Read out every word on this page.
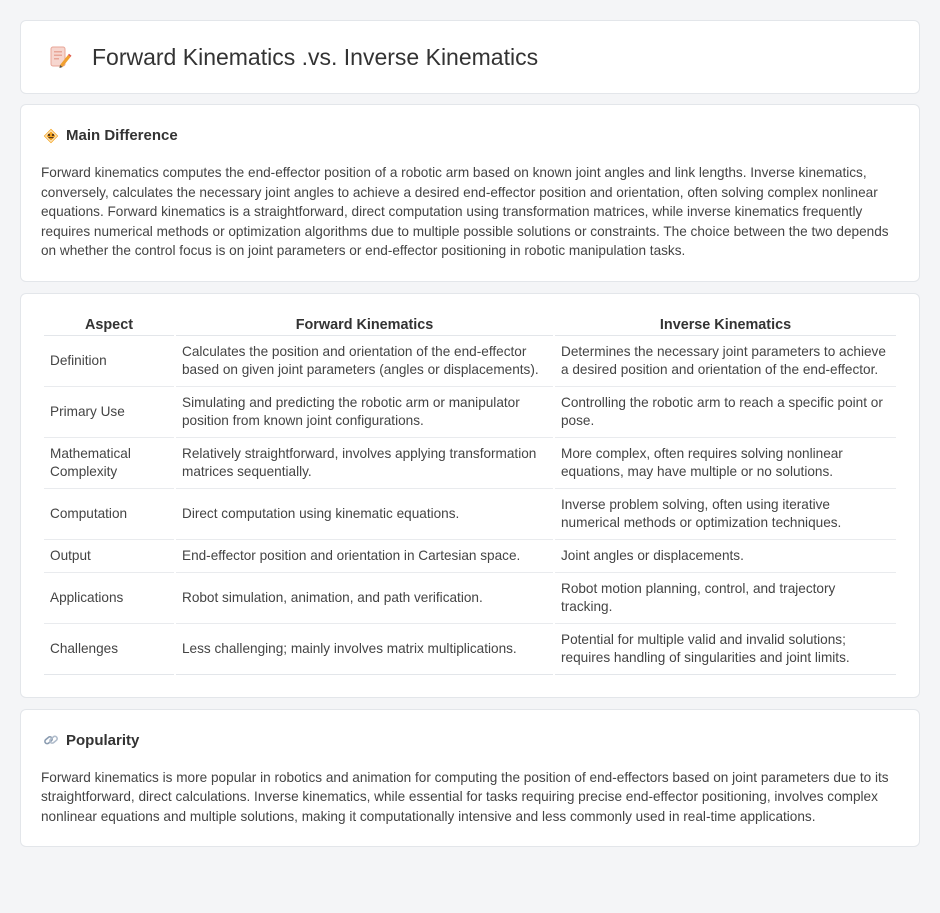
Forward Kinematics .vs. Inverse Kinematics
Main Difference

Forward kinematics computes the end-effector position of a robotic arm based on known joint angles and link lengths. Inverse kinematics, conversely, calculates the necessary joint angles to achieve a desired end-effector position and orientation, often solving complex nonlinear equations. Forward kinematics is a straightforward, direct computation using transformation matrices, while inverse kinematics frequently requires numerical methods or optimization algorithms due to multiple possible solutions or constraints. The choice between the two depends on whether the control focus is on joint parameters or end-effector positioning in robotic manipulation tasks.

Aspect	Forward Kinematics	Inverse Kinematics
Definition	Calculates the position and orientation of the end-effector based on given joint parameters (angles or displacements).	Determines the necessary joint parameters to achieve a desired position and orientation of the end-effector.
Primary Use	Simulating and predicting the robotic arm or manipulator position from known joint configurations.	Controlling the robotic arm to reach a specific point or pose.
Mathematical Complexity	Relatively straightforward, involves applying transformation matrices sequentially.	More complex, often requires solving nonlinear equations, may have multiple or no solutions.
Computation	Direct computation using kinematic equations.	Inverse problem solving, often using iterative numerical methods or optimization techniques.
Output	End-effector position and orientation in Cartesian space.	Joint angles or displacements.
Applications	Robot simulation, animation, and path verification.	Robot motion planning, control, and trajectory tracking.
Challenges	Less challenging; mainly involves matrix multiplications.	Potential for multiple valid and invalid solutions; requires handling of singularities and joint limits.
Popularity

Forward kinematics is more popular in robotics and animation for computing the position of end-effectors based on joint parameters due to its straightforward, direct calculations. Inverse kinematics, while essential for tasks requiring precise end-effector positioning, involves complex nonlinear equations and multiple solutions, making it computationally intensive and less commonly used in real-time applications.
